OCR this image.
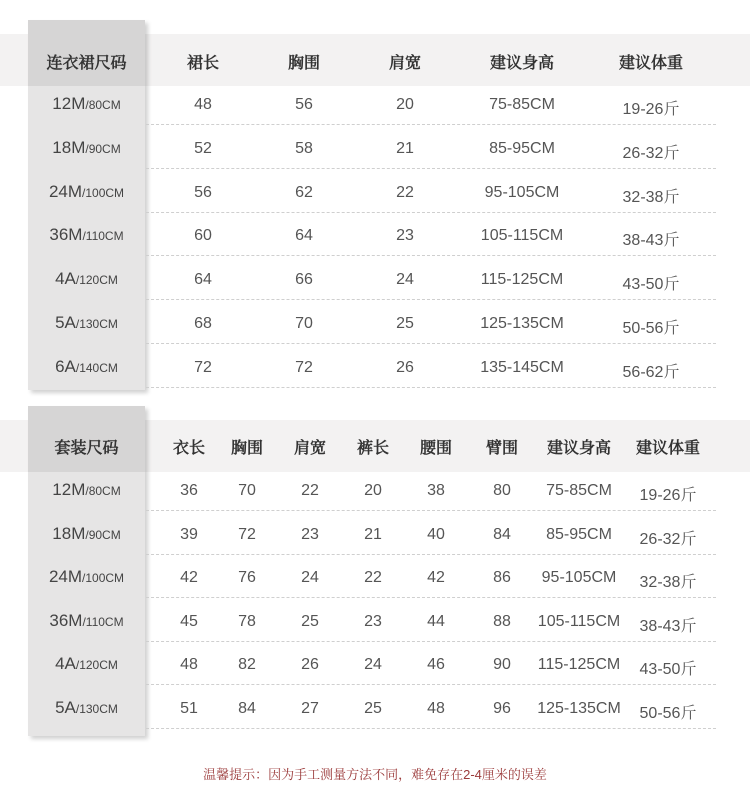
连衣裙尺码	裙长	胸围	肩宽	建议身高	建议体重
12M/80CM	48	56	20	75-85CM	19-26斤
18M/90CM	52	58	21	85-95CM	26-32斤
24M/100CM	56	62	22	95-105CM	32-38斤
36M/110CM	60	64	23	105-115CM	38-43斤
4A/120CM	64	66	24	115-125CM	43-50斤
5A/130CM	68	70	25	125-135CM	50-56斤
6A/140CM	72	72	26	135-145CM	56-62斤
套装尺码	衣长 胸围 肩宽 裤长 腰围 臂围 建议身高 建议体重
12M/80CM	36	70	22	20	38	80 75-85CM 19-26斤
18M/90CM	39	72	23	21	40	84 85-95CM 26-32斤
24M/100CM	42	76	24	22	42	86 95-105CM 32-38斤
36M/110CM	45	78	25	23	44	88 105-115CM 38-43斤
4A/120CM	48	82	26	24	46	90 115-125CM 43-50斤
5A/130CM	51	84	27	25	48	96 125-135CM 50-56斤
温馨提示：因为手工测量方法不同，难免存在2-4厘米的误差
